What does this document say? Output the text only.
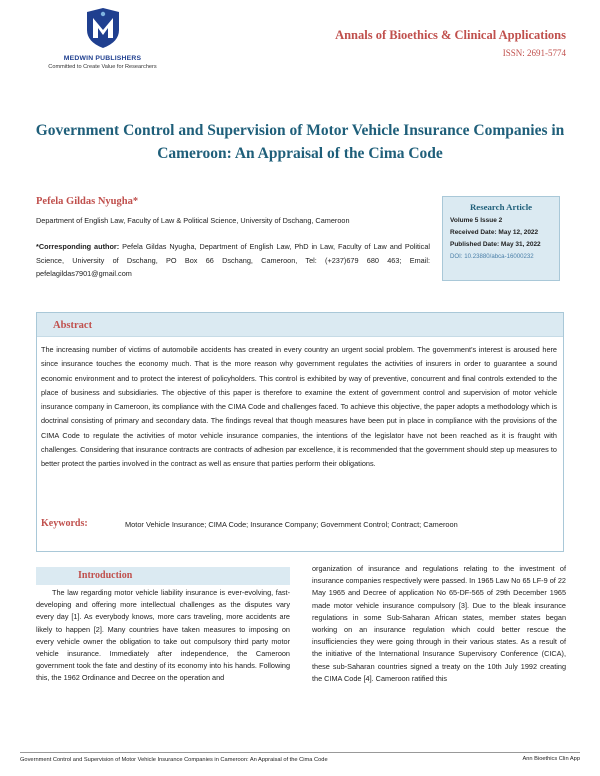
MEDWIN PUBLISHERS
Committed to Create Value for Researchers
Annals of Bioethics & Clinical Applications
ISSN: 2691-5774
Government Control and Supervision of Motor Vehicle Insurance Companies in Cameroon: An Appraisal of the Cima Code
Pefela Gildas Nyugha*
Department of English Law, Faculty of Law & Political Science, University of Dschang, Cameroon
*Corresponding author: Pefela Gildas Nyugha, Department of English Law, PhD in Law, Faculty of Law and Political Science, University of Dschang, PO Box 66 Dschang, Cameroon, Tel: (+237)679 680 463; Email: pefelagildas7901@gmail.com
Research Article
Volume 5 Issue 2
Received Date: May 12, 2022
Published Date: May 31, 2022
DOI: 10.23880/abca-16000232
Abstract

The increasing number of victims of automobile accidents has created in every country an urgent social problem. The government's interest is aroused here since insurance touches the economy much. That is the more reason why government regulates the activities of insurers in order to guarantee a sound economic environment and to protect the interest of policyholders. This control is exhibited by way of preventive, concurrent and final controls extended to the place of business and subsidiaries. The objective of this paper is therefore to examine the extent of government control and supervision of motor vehicle insurance company in Cameroon, its compliance with the CIMA Code and challenges faced. To achieve this objective, the paper adopts a methodology which is doctrinal consisting of primary and secondary data. The findings reveal that though measures have been put in place in compliance with the provisions of the CIMA Code to regulate the activities of motor vehicle insurance companies, the intentions of the legislator have not been reached as it is fraught with challenges. Considering that insurance contracts are contracts of adhesion par excellence, it is recommended that the government should step up measures to better protect the parties involved in the contract as well as ensure that parties perform their obligations.

Keywords:	Motor Vehicle Insurance; CIMA Code; Insurance Company; Government Control; Contract; Cameroon
Introduction

The law regarding motor vehicle liability insurance is ever-evolving, fast-developing and offering more intellectual challenges as the disputes vary every day [1]. As everybody knows, more cars traveling, more accidents are likely to happen [2]. Many countries have taken measures to imposing on every vehicle owner the obligation to take out compulsory third party motor vehicle insurance. Immediately after independence, the Cameroon government took the fate and destiny of its economy into his hands. Following this, the 1962 Ordinance and Decree on the operation and

organization of insurance and regulations relating to the investment of insurance companies respectively were passed. In 1965 Law No 65 LF-9 of 22 May 1965 and Decree of application No 65-DF-565 of 29th December 1965 made motor vehicle insurance compulsory [3]. Due to the bleak insurance regulations in some Sub-Saharan African states, member states began working on an insurance regulation which could better rescue the insufficiencies they were going through in their various states. As a result of the initiative of the International Insurance Supervisory Conference (CICA), these sub-Saharan countries signed a treaty on the 10th July 1992 creating the CIMA Code [4]. Cameroon ratified this

Government Control and Supervision of Motor Vehicle Insurance Companies in Cameroon: An Appraisal of the Cima Code	Ann Bioethics Clin App
